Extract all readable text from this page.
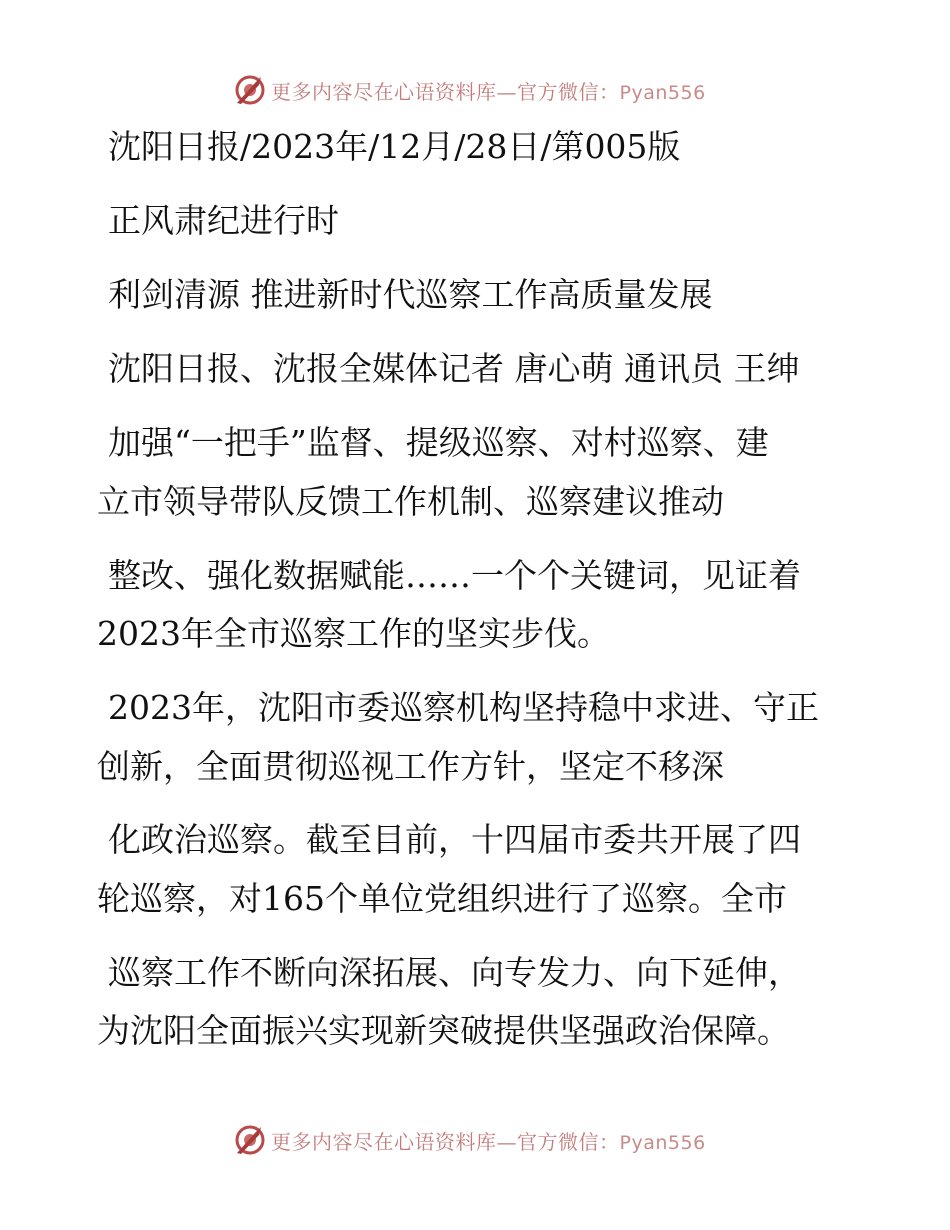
更多内容尽在心语资料库—官方微信：Pyan556
沈阳日报/2023年/12月/28日/第005版
正风肃纪进行时
利剑清源 推进新时代巡察工作高质量发展
沈阳日报、沈报全媒体记者 唐心萌 通讯员 王绅
加强“一把手”监督、提级巡察、对村巡察、建
立市领导带队反馈工作机制、巡察建议推动
整改、强化数据赋能……一个个关键词，见证着
2023年全市巡察工作的坚实步伐。
2023年，沈阳市委巡察机构坚持稳中求进、守正
创新，全面贯彻巡视工作方针，坚定不移深
化政治巡察。截至目前，十四届市委共开展了四
轮巡察，对165个单位党组织进行了巡察。全市
巡察工作不断向深拓展、向专发力、向下延伸，
为沈阳全面振兴实现新突破提供坚强政治保障。
更多内容尽在心语资料库—官方微信：Pyan556
